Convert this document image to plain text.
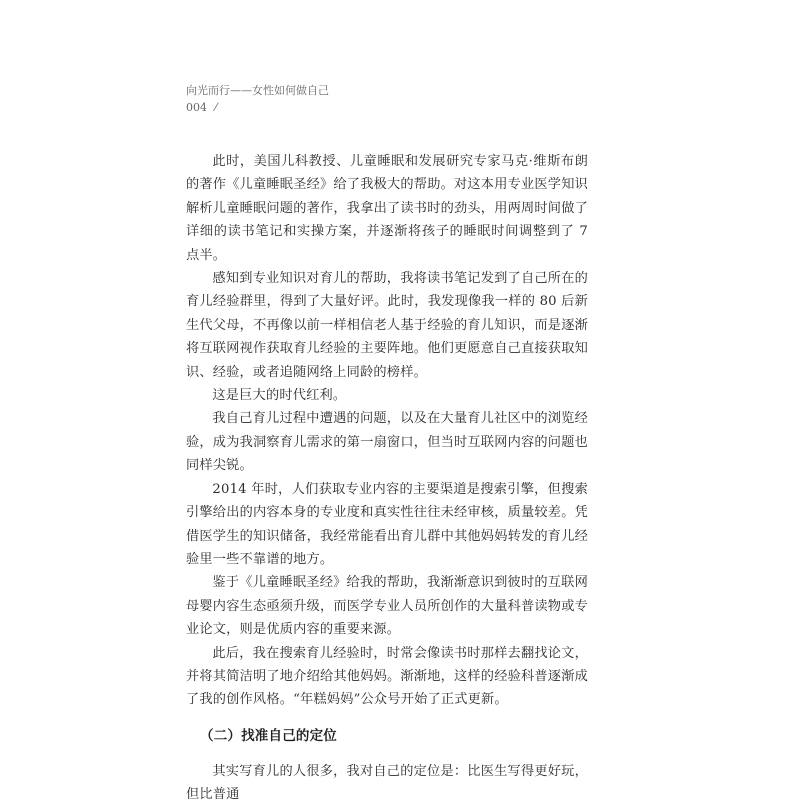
向光而行——女性如何做自己
004 ⁄

此时，美国儿科教授、儿童睡眠和发展研究专家马克·维斯布朗的著作《儿童睡眠圣经》给了我极大的帮助。对这本用专业医学知识解析儿童睡眠问题的著作，我拿出了读书时的劲头，用两周时间做了详细的读书笔记和实操方案，并逐渐将孩子的睡眠时间调整到了 7 点半。

感知到专业知识对育儿的帮助，我将读书笔记发到了自己所在的育儿经验群里，得到了大量好评。此时，我发现像我一样的 80 后新生代父母，不再像以前一样相信老人基于经验的育儿知识，而是逐渐将互联网视作获取育儿经验的主要阵地。他们更愿意自己直接获取知识、经验，或者追随网络上同龄的榜样。

这是巨大的时代红利。

我自己育儿过程中遭遇的问题，以及在大量育儿社区中的浏览经验，成为我洞察育儿需求的第一扇窗口，但当时互联网内容的问题也同样尖锐。

2014 年时，人们获取专业内容的主要渠道是搜索引擎，但搜索引擎给出的内容本身的专业度和真实性往往未经审核，质量较差。凭借医学生的知识储备，我经常能看出育儿群中其他妈妈转发的育儿经验里一些不靠谱的地方。

鉴于《儿童睡眠圣经》给我的帮助，我渐渐意识到彼时的互联网母婴内容生态亟须升级，而医学专业人员所创作的大量科普读物或专业论文，则是优质内容的重要来源。

此后，我在搜索育儿经验时，时常会像读书时那样去翻找论文，并将其简洁明了地介绍给其他妈妈。渐渐地，这样的经验科普逐渐成了我的创作风格。“年糕妈妈”公众号开始了正式更新。

（二）找准自己的定位

其实写育儿的人很多，我对自己的定位是：比医生写得更好玩，但比普通
